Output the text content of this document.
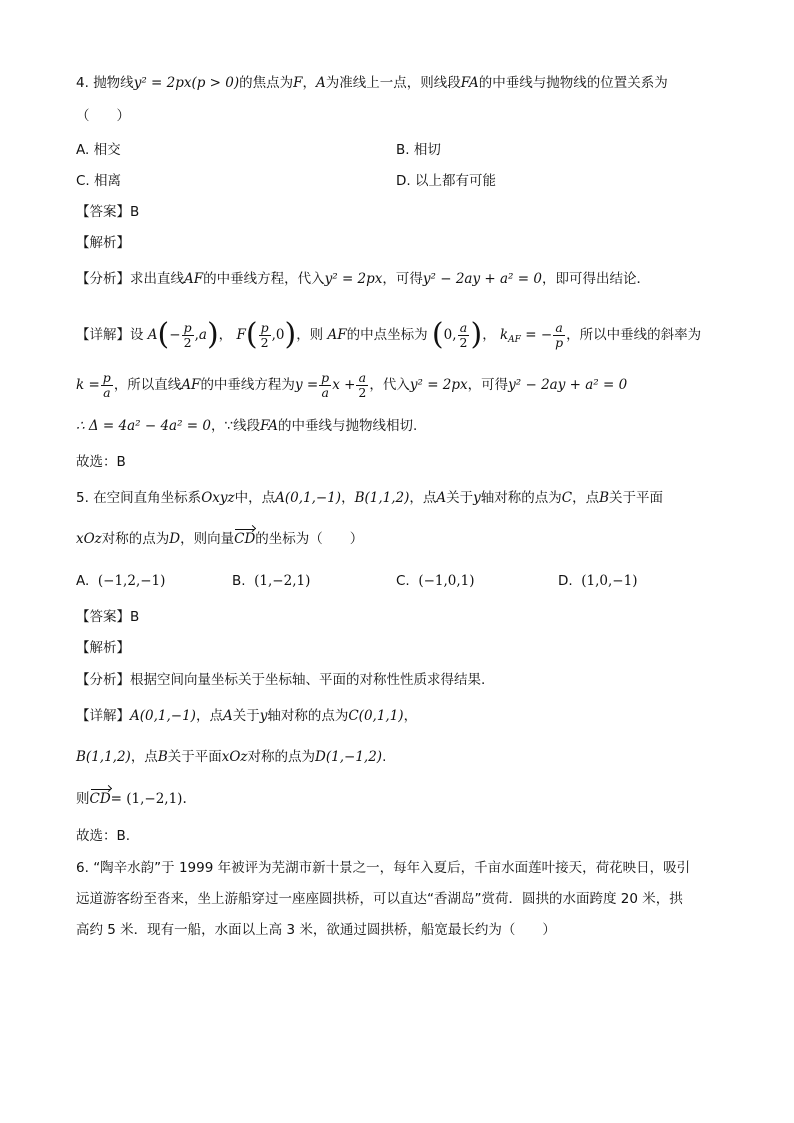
4. 抛物线y² = 2px(p > 0)的焦点为F，A为准线上一点，则线段FA的中垂线与抛物线的位置关系为
（　　）
A. 相交	B. 相切
C. 相离	D. 以上都有可能
【答案】B
【解析】
【分析】求出直线AF的中垂线方程，代入y² = 2px，可得y² − 2ay + a² = 0，即可得出结论．
【详解】设 $A(- \frac{p}{2} ,a)$， $F( \frac{p}{2} ,0)$，则 AF的中点坐标为 (0, $\frac{a}{2}$ )， $k_{AF}$ = − $\frac{a}{p}$ ，所以中垂线的斜率为
$k = \frac{p}{a}$ ，所以直线AF的中垂线方程为$y = \frac{p}{a}$ $x + \frac{a}{2}$ ，代入y² = 2px，可得y² − 2ay + a² = 0
∴ Δ = 4a² − 4a² = 0，∵线段FA的中垂线与抛物线相切.
故选：B
5. 在空间直角坐标系Oxyz中，点A(0,1,−1)，B(1,1,2)，点A关于y轴对称的点为C，点B关于平面
xOz对称的点为D，则向量CD的坐标为（　　）
A. (−1,2,−1)	B. (1,−2,1)	C. (−1,0,1)	D. (1,0,−1)
【答案】B
【解析】
【分析】根据空间向量坐标关于坐标轴、平面的对称性性质求得结果.
【详解】A(0,1,−1)，点A关于y轴对称的点为C(0,1,1)，
B(1,1,2)，点B关于平面xOz对称的点为D(1,−1,2).
则CD= (1,−2,1).
故选：B.
6. “陶辛水韵”于 1999 年被评为芜湖市新十景之一，每年入夏后，千亩水面莲叶接天，荷花映日，吸引
远道游客纷至沓来，坐上游船穿过一座座圆拱桥，可以直达“香湖岛”赏荷．圆拱的水面跨度 20 米，拱
高约 5 米．现有一船，水面以上高 3 米，欲通过圆拱桥，船宽最长约为（　　）
